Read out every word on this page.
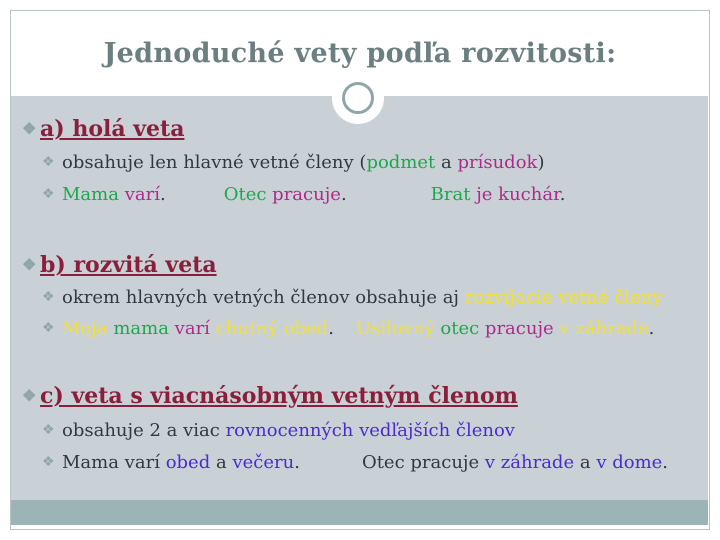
Jednoduché vety podľa rozvitosti:
❖ a) holá veta
❖ obsahuje len hlavné vetné členy (podmet a prísudok)
❖ Mama varí.	Otec pracuje.	Brat je kuchár.
❖ b) rozvitá veta
❖ okrem hlavných vetných členov obsahuje aj rozvíjacie vetné členy
❖ Moja mama varí chutný obed. Usilovný otec pracuje v záhrade.
❖ c) veta s viacnásobným vetným členom
❖ obsahuje 2 a viac rovnocenných vedľajších členov
❖ Mama varí obed a večeru.	Otec pracuje v záhrade a v dome.
